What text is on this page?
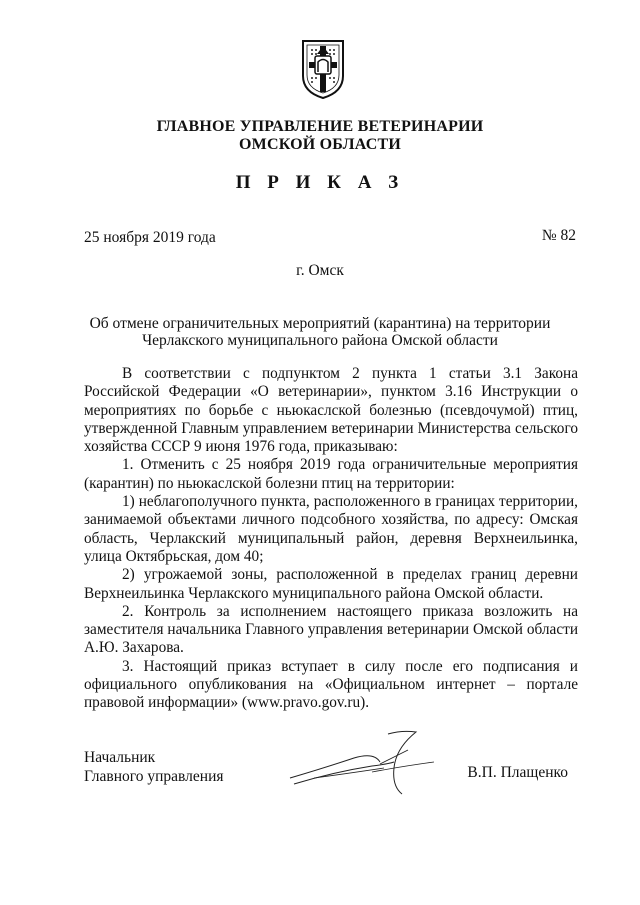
ГЛАВНОЕ УПРАВЛЕНИЕ ВЕТЕРИНАРИИ
ОМСКОЙ ОБЛАСТИ
П Р И К А З
25 ноября 2019 года	№ 82
г. Омск
Об отмене ограничительных мероприятий (карантина) на территории
Черлакского муниципального района Омской области

В соответствии с подпунктом 2 пункта 1 статьи 3.1 Закона Российской Федерации «О ветеринарии», пунктом 3.16 Инструкции о мероприятиях по борьбе с ньюкаслской болезнью (псевдочумой) птиц, утвержденной Главным управлением ветеринарии Министерства сельского хозяйства СССР 9 июня 1976 года, приказываю:

1. Отменить с 25 ноября 2019 года ограничительные мероприятия (карантин) по ньюкаслской болезни птиц на территории:

1) неблагополучного пункта, расположенного в границах территории, занимаемой объектами личного подсобного хозяйства, по адресу: Омская область, Черлакский муниципальный район, деревня Верхнеильинка, улица Октябрьская, дом 40;

2) угрожаемой зоны, расположенной в пределах границ деревни Верхнеильинка Черлакского муниципального района Омской области.

2. Контроль за исполнением настоящего приказа возложить на заместителя начальника Главного управления ветеринарии Омской области А.Ю. Захарова.

3. Настоящий приказ вступает в силу после его подписания и официального опубликования на «Официальном интернет – портале правовой информации» (www.pravo.gov.ru).

Начальник
Главного управления	В.П. Плащенко
